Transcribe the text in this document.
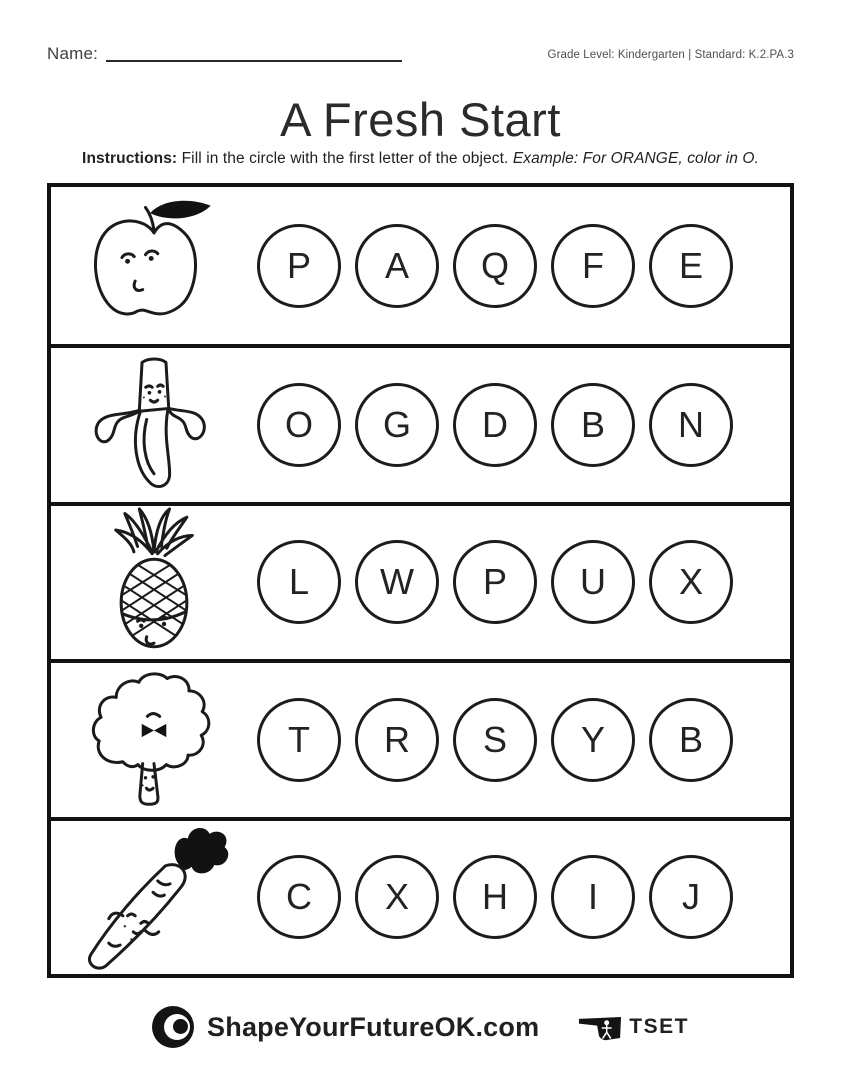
Name:	Grade Level: Kindergarten | Standard: K.2.PA.3
A Fresh Start
Instructions: Fill in the circle with the first letter of the object. Example: For ORANGE, color in O.
P A Q F E
O G D B N
L W P U X
T R S Y B
C X H I J
ShapeYourFutureOK.com	TSET
